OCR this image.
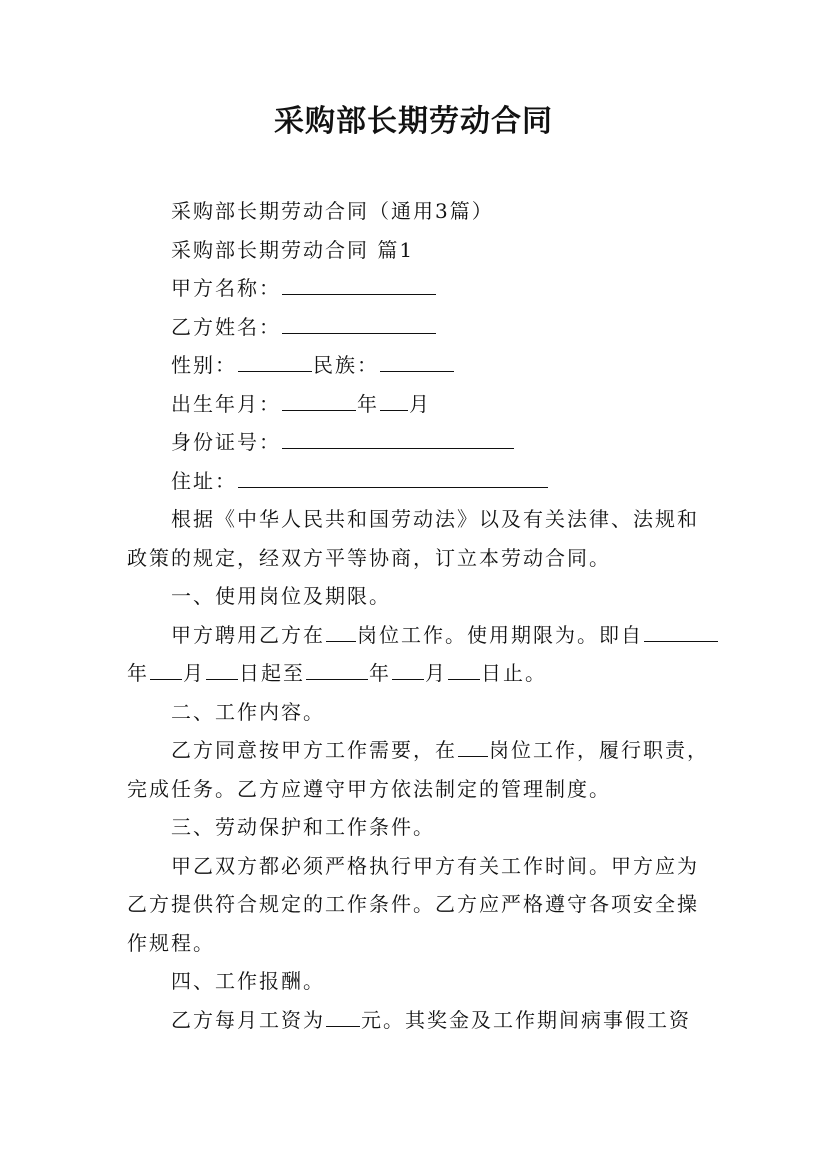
采购部长期劳动合同

采购部长期劳动合同（通用3篇）

采购部长期劳动合同 篇1

甲方名称：

乙方姓名：

性别：	民族：

出生年月：	年 月

身份证号：

住址：

根据《中华人民共和国劳动法》以及有关法律、法规和

政策的规定，经双方平等协商，订立本劳动合同。

一、使用岗位及期限。

甲方聘用乙方在 岗位工作。使用期限为。即自

年 月 日起至	年 月 日止。

二、工作内容。

乙方同意按甲方工作需要，在 岗位工作，履行职责，

完成任务。乙方应遵守甲方依法制定的管理制度。

三、劳动保护和工作条件。

甲乙双方都必须严格执行甲方有关工作时间。甲方应为

乙方提供符合规定的工作条件。乙方应严格遵守各项安全操

作规程。

四、工作报酬。

乙方每月工资为 元。其奖金及工作期间病事假工资
